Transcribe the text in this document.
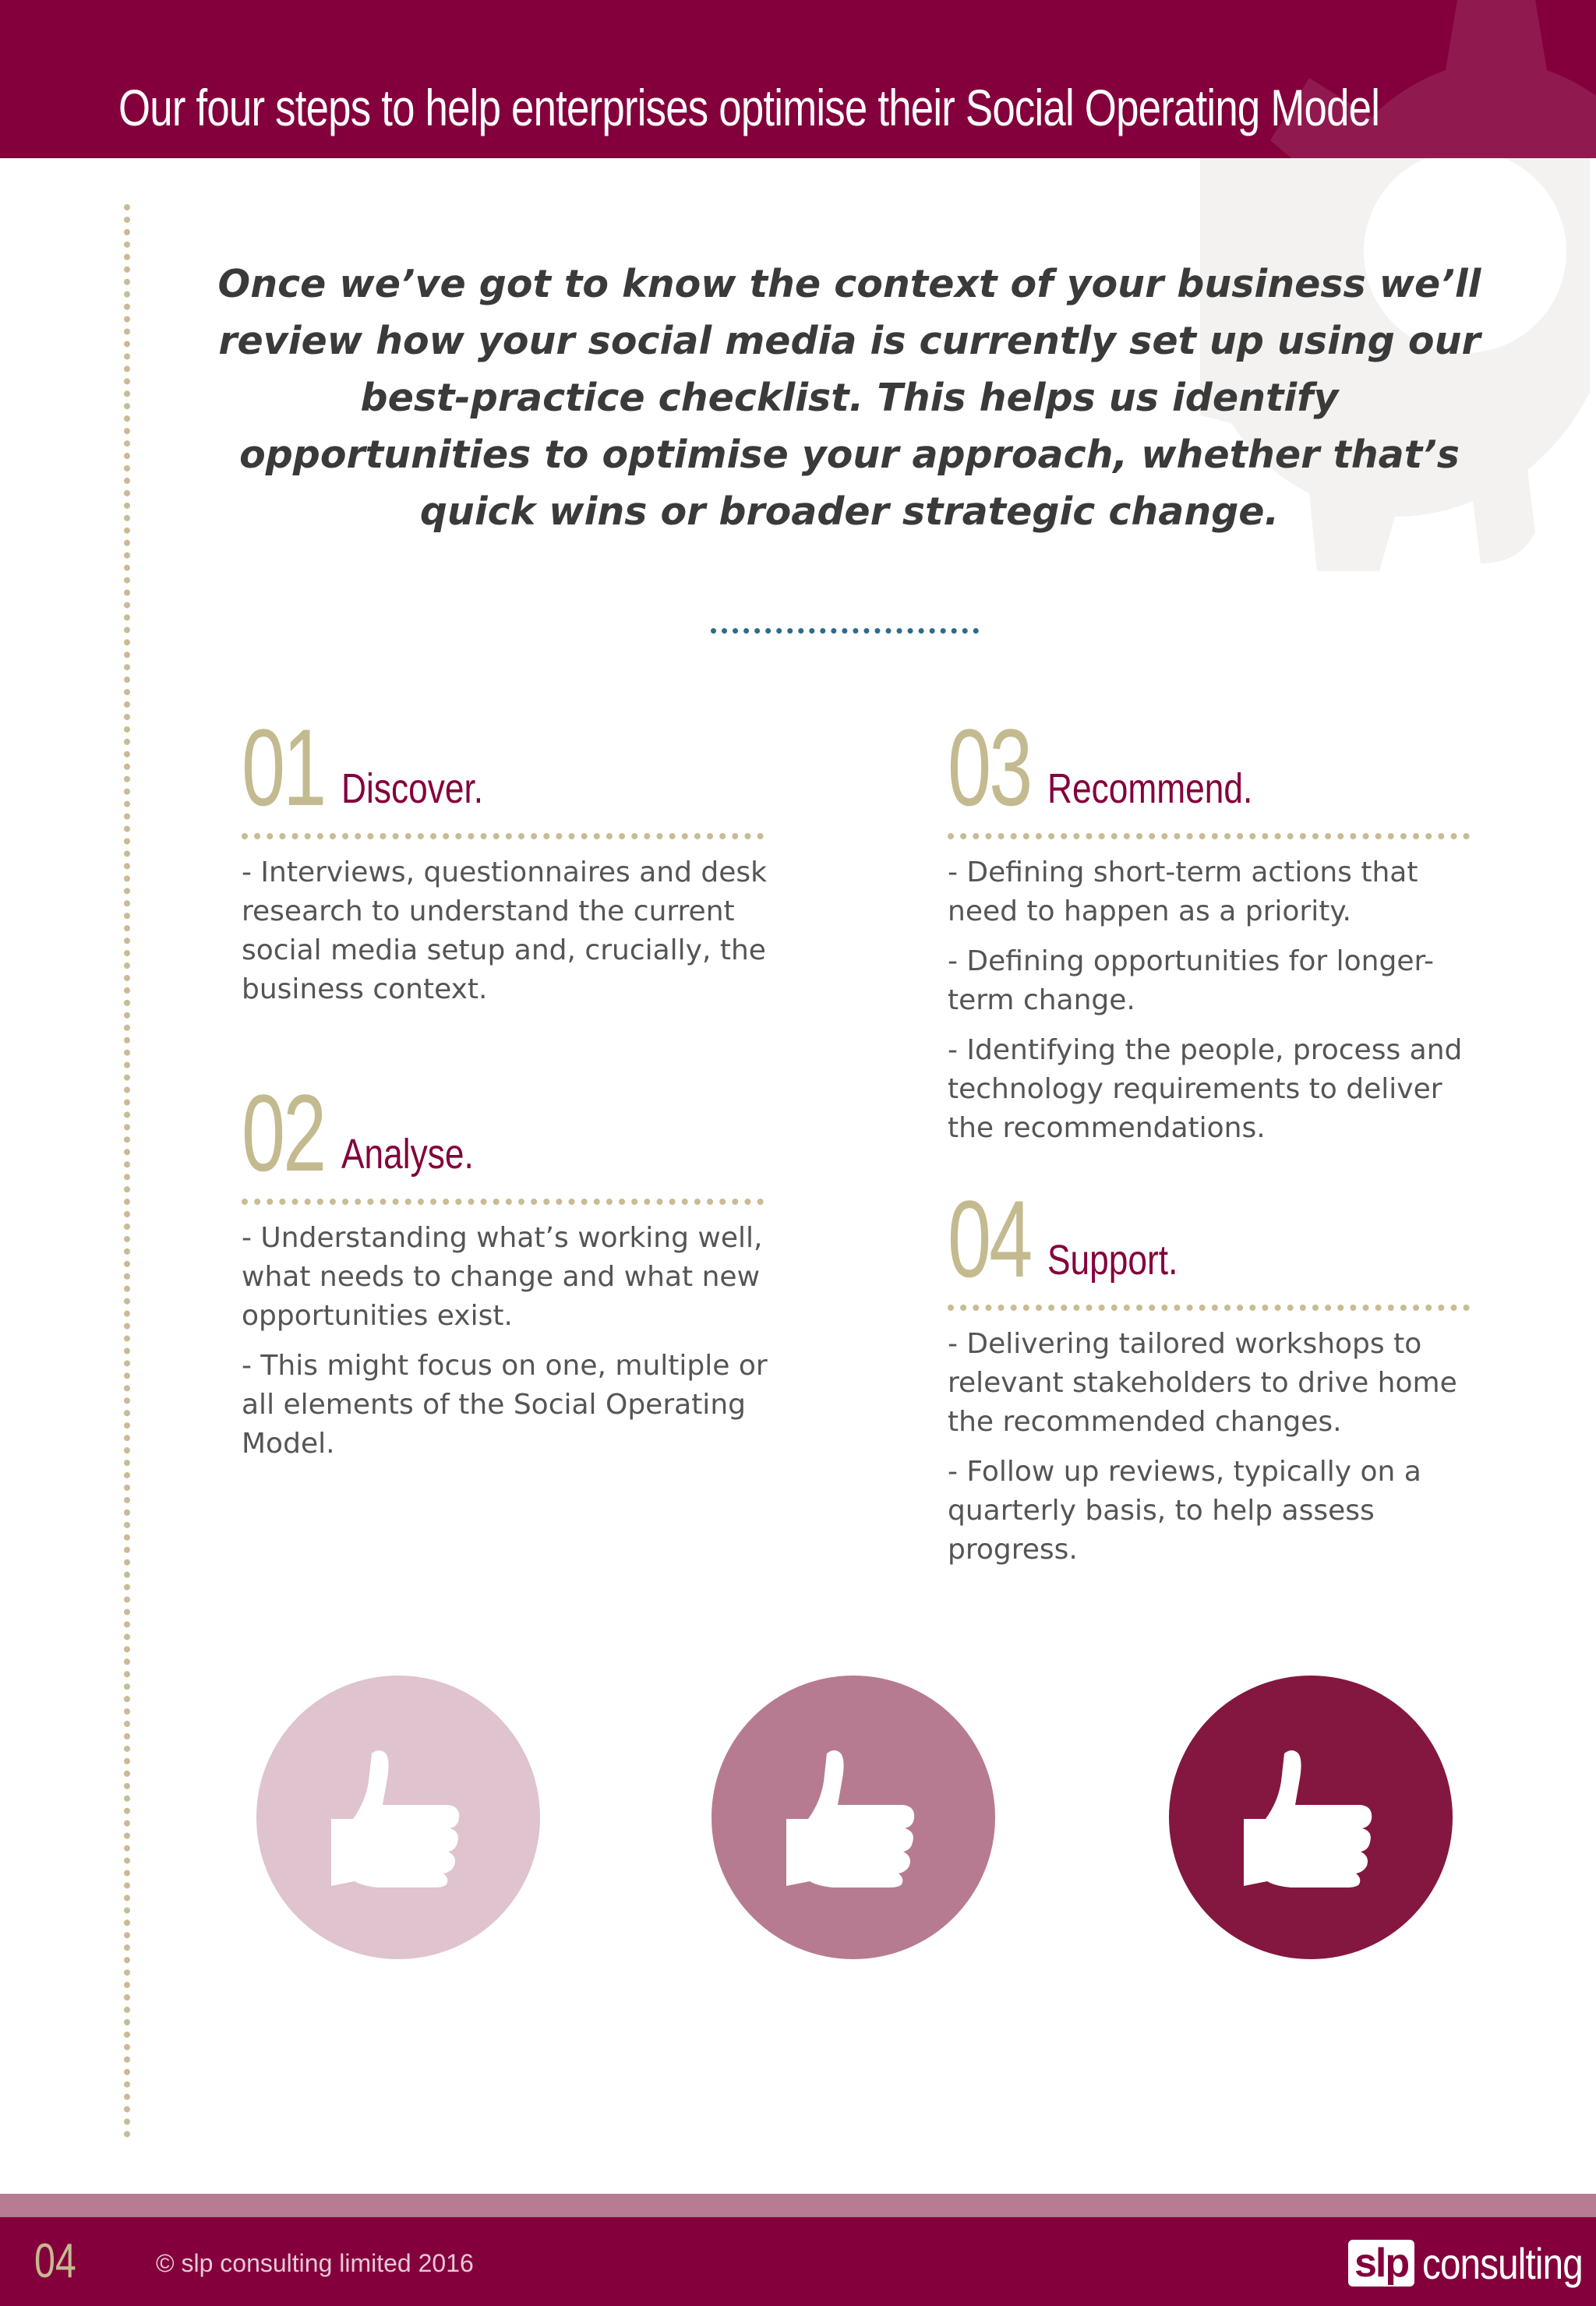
Our four steps to help enterprises optimise their Social Operating Model
Once we’ve got to know the context of your business we’ll review how your social media is currently set up using our best-practice checklist. This helps us identify opportunities to optimise your approach, whether that’s quick wins or broader strategic change.
01 Discover.

- Interviews, questionnaires and desk research to understand the current social media setup and, crucially, the business context.

02 Analyse.

- Understanding what’s working well, what needs to change and what new opportunities exist.

- This might focus on one, multiple or all elements of the Social Operating Model.

03 Recommend.

- Defining short-term actions that need to happen as a priority.

- Defining opportunities for longer-term change.

- Identifying the people, process and technology requirements to deliver the recommendations.

04 Support.

- Delivering tailored workshops to relevant stakeholders to drive home the recommended changes.

- Follow up reviews, typically on a quarterly basis, to help assess progress.

04	© slp consulting limited 2016	slp consulting
